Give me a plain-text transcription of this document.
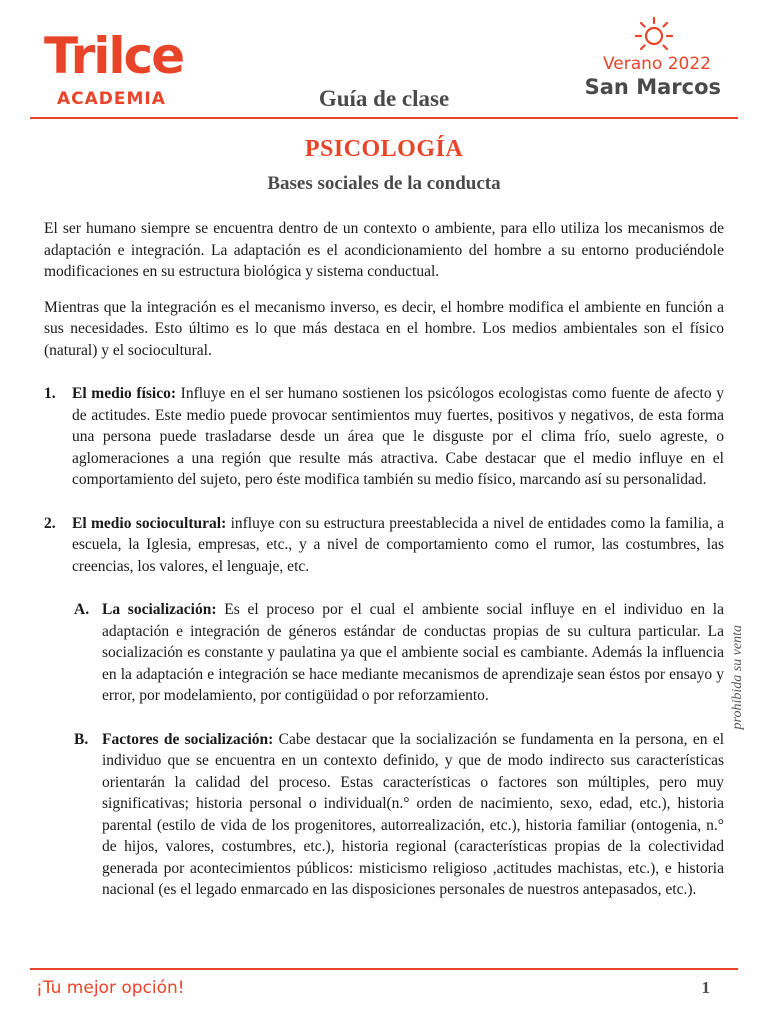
Trilce
ACADEMIA	Guía de clase
Verano 2022
San Marcos
PSICOLOGÍA
Bases sociales de la conducta

El ser humano siempre se encuentra dentro de un contexto o ambiente, para ello utiliza los mecanismos de adaptación e integración. La adaptación es el acondicionamiento del hombre a su entorno produciéndole modificaciones en su estructura biológica y sistema conductual.

Mientras que la integración es el mecanismo inverso, es decir, el hombre modifica el ambiente en función a sus necesidades. Esto último es lo que más destaca en el hombre. Los medios ambientales son el físico (natural) y el sociocultural.

1.	El medio físico: Influye en el ser humano sostienen los psicólogos ecologistas como fuente de afecto y de actitudes. Este medio puede provocar sentimientos muy fuertes, positivos y negativos, de esta forma una persona puede trasladarse desde un área que le disguste por el clima frío, suelo agreste, o aglomeraciones a una región que resulte más atractiva. Cabe destacar que el medio influye en el comportamiento del sujeto, pero éste modifica también su medio físico, marcando así su personalidad.
2.	El medio sociocultural: influye con su estructura preestablecida a nivel de entidades como la familia, a escuela, la Iglesia, empresas, etc., y a nivel de comportamiento como el rumor, las costumbres, las creencias, los valores, el lenguaje, etc.
A. La socialización: Es el proceso por el cual el ambiente social influye en el individuo en la adaptación e integración de géneros estándar de conductas propias de su cultura particular. La socialización es constante y paulatina ya que el ambiente social es cambiante. Además la influencia en la adaptación e integración se hace mediante mecanismos de aprendizaje sean éstos por ensayo y error, por modelamiento, por contigüidad o por reforzamiento.
B. Factores de socialización: Cabe destacar que la socialización se fundamenta en la persona, en el individuo que se encuentra en un contexto definido, y que de modo indirecto sus características orientarán la calidad del proceso. Estas características o factores son múltiples, pero muy significativas; historia personal o individual(n.° orden de nacimiento, sexo, edad, etc.), historia parental (estilo de vida de los progenitores, autorrealización, etc.), historia familiar (ontogenia, n.° de hijos, valores, costumbres, etc.), historia regional (características propias de la colectividad generada por acontecimientos públicos: misticismo religioso ,actitudes machistas, etc.), e historia nacional (es el legado enmarcado en las disposiciones personales de nuestros antepasados, etc.).
prohibida su venta
¡Tu mejor opción!	1
